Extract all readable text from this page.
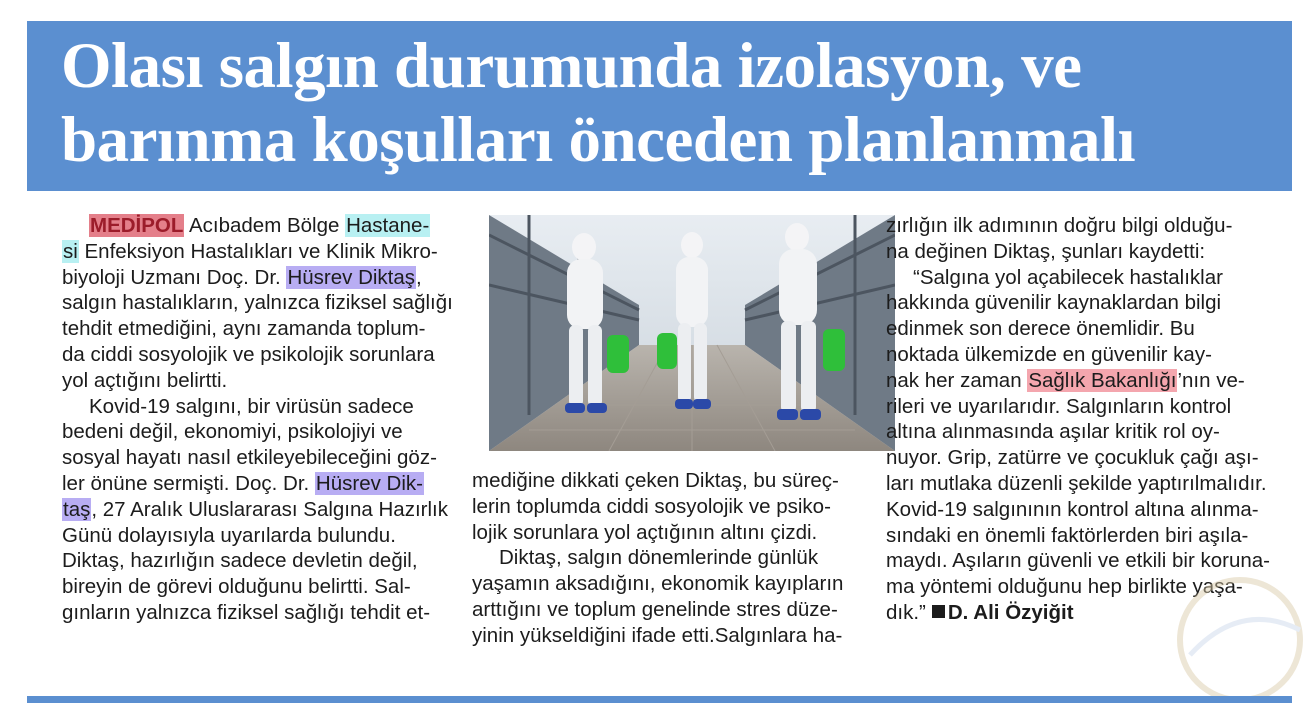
Olası salgın durumunda izolasyon, ve
barınma koşulları önceden planlanmalı
MEDİPOL Acıbadem Bölge Hastane-
si Enfeksiyon Hastalıkları ve Klinik Mikro-
biyoloji Uzmanı Doç. Dr. Hüsrev Diktaş,
salgın hastalıkların, yalnızca fiziksel sağlığı
tehdit etmediğini, aynı zamanda toplum-
da ciddi sosyolojik ve psikolojik sorunlara
yol açtığını belirtti.
Kovid-19 salgını, bir virüsün sadece
bedeni değil, ekonomiyi, psikolojiyi ve
sosyal hayatı nasıl etkileyebileceğini göz-
ler önüne sermişti. Doç. Dr. Hüsrev Dik-
taş, 27 Aralık Uluslararası Salgına Hazırlık
Günü dolayısıyla uyarılarda bulundu.
Diktaş, hazırlığın sadece devletin değil,
bireyin de görevi olduğunu belirtti. Sal-
gınların yalnızca fiziksel sağlığı tehdit et-
mediğine dikkati çeken Diktaş, bu süreç-
lerin toplumda ciddi sosyolojik ve psiko-
lojik sorunlara yol açtığının altını çizdi.
Diktaş, salgın dönemlerinde günlük
yaşamın aksadığını, ekonomik kayıpların
arttığını ve toplum genelinde stres düze-
yinin yükseldiğini ifade etti.Salgınlara ha-
zırlığın ilk adımının doğru bilgi olduğu-
na değinen Diktaş, şunları kaydetti:
“Salgına yol açabilecek hastalıklar
hakkında güvenilir kaynaklardan bilgi
edinmek son derece önemlidir. Bu
noktada ülkemizde en güvenilir kay-
nak her zaman Sağlık Bakanlığı’nın ve-
rileri ve uyarılarıdır. Salgınların kontrol
altına alınmasında aşılar kritik rol oy-
nuyor. Grip, zatürre ve çocukluk çağı aşı-
ları mutlaka düzenli şekilde yaptırılmalıdır.
Kovid-19 salgınının kontrol altına alınma-
sındaki en önemli faktörlerden biri aşıla-
maydı. Aşıların güvenli ve etkili bir koruna-
ma yöntemi olduğunu hep birlikte yaşa-
dık.” D. Ali Özyiğit
